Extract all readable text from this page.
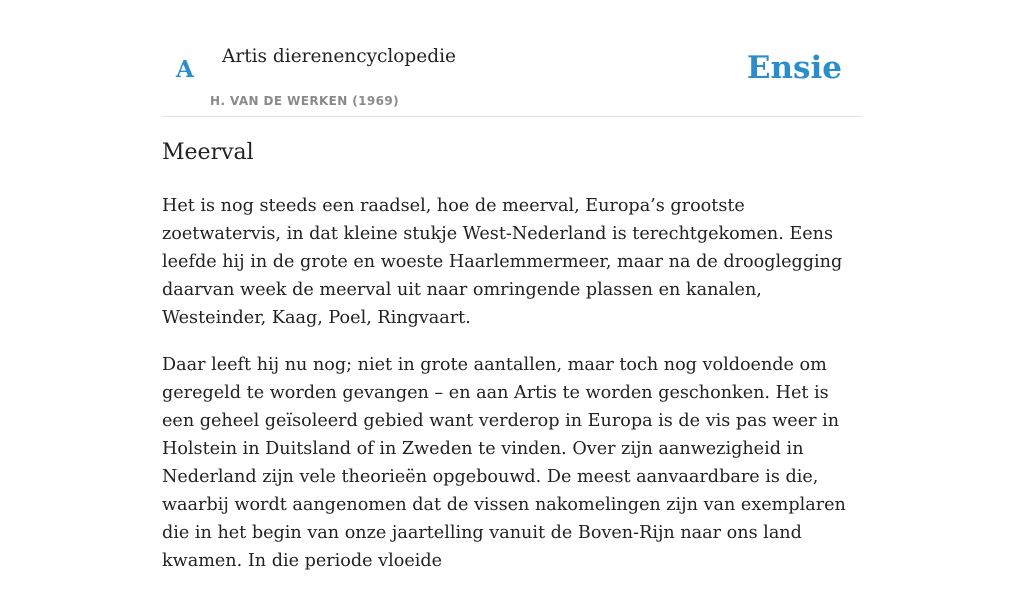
A Artis dierenencyclopedie
H. VAN DE WERKEN (1969)
Ensie
Meerval

Het is nog steeds een raadsel, hoe de meerval, Europa’s grootste zoetwatervis, in dat kleine stukje West-Nederland is terechtgekomen. Eens leefde hij in de grote en woeste Haarlemmermeer, maar na de drooglegging daarvan week de meerval uit naar omringende plassen en kanalen, Westeinder, Kaag, Poel, Ringvaart.

Daar leeft hij nu nog; niet in grote aantallen, maar toch nog voldoende om geregeld te worden gevangen – en aan Artis te worden geschonken. Het is een geheel geïsoleerd gebied want verderop in Europa is de vis pas weer in Holstein in Duitsland of in Zweden te vinden. Over zijn aanwezigheid in Nederland zijn vele theorieën opgebouwd. De meest aanvaardbare is die, waarbij wordt aangenomen dat de vissen nakomelingen zijn van exemplaren die in het begin van onze jaartelling vanuit de Boven-Rijn naar ons land kwamen. In die periode vloeide
